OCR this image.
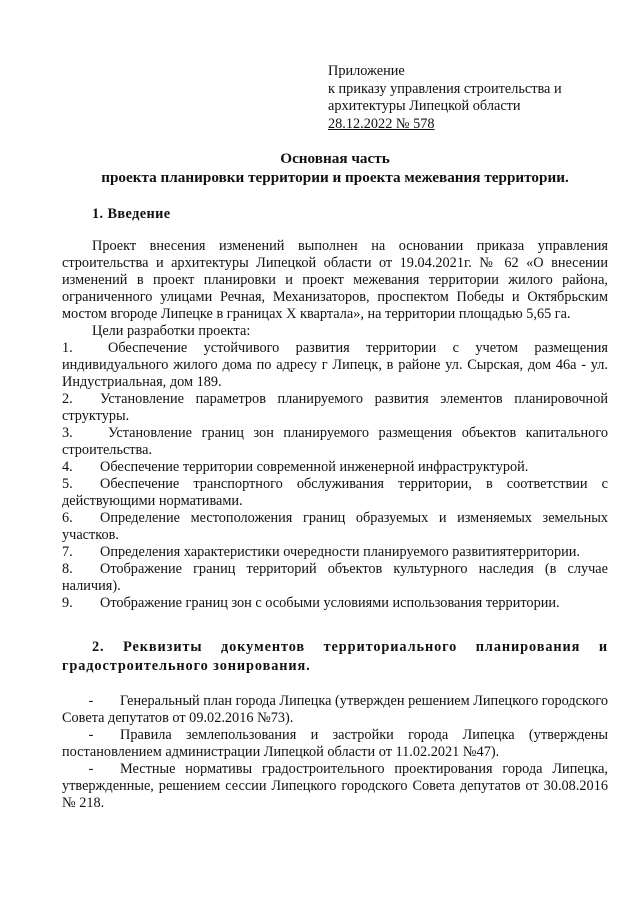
Приложение
к приказу управления строительства и
архитектуры Липецкой области
28.12.2022 № 578
Основная часть
проекта планировки территории и проекта межевания территории.
1. Введение

Проект внесения изменений выполнен на основании приказа управления строительства и архитектуры Липецкой области от 19.04.2021г. № 62 «О внесении изменений в проект планировки и проект межевания территории жилого района, ограниченного улицами Речная, Механизаторов, проспектом Победы и Октябрьским мостом вгороде Липецке в границах Х квартала», на территории площадью 5,65 га.

Цели разработки проекта:

1. Обеспечение устойчивого развития территории с учетом размещения индивидуального жилого дома по адресу г Липецк, в районе ул. Сырская, дом 46а - ул. Индустриальная, дом 189.
2. Установление параметров планируемого развития элементов планировочной структуры.
3. Установление границ зон планируемого размещения объектов капитального строительства.
4. Обеспечение территории современной инженерной инфраструктурой.
5. Обеспечение транспортного обслуживания территории, в соответствии с действующими нормативами.
6. Определение местоположения границ образуемых и изменяемых земельных участков.
7. Определения характеристики очередности планируемого развитиятерритории.
8. Отображение границ территорий объектов культурного наследия (в случае наличия).
9. Отображение границ зон с особыми условиями использования территории.
2. Реквизиты документов территориального планирования и градостроительного зонирования.

- Генеральный план города Липецка (утвержден решением Липецкого городского Совета депутатов от 09.02.2016 №73).

- Правила землепользования и застройки города Липецка (утверждены постановлением администрации Липецкой области от 11.02.2021 №47).

- Местные нормативы градостроительного проектирования города Липецка, утвержденные, решением сессии Липецкого городского Совета депутатов от 30.08.2016 № 218.
